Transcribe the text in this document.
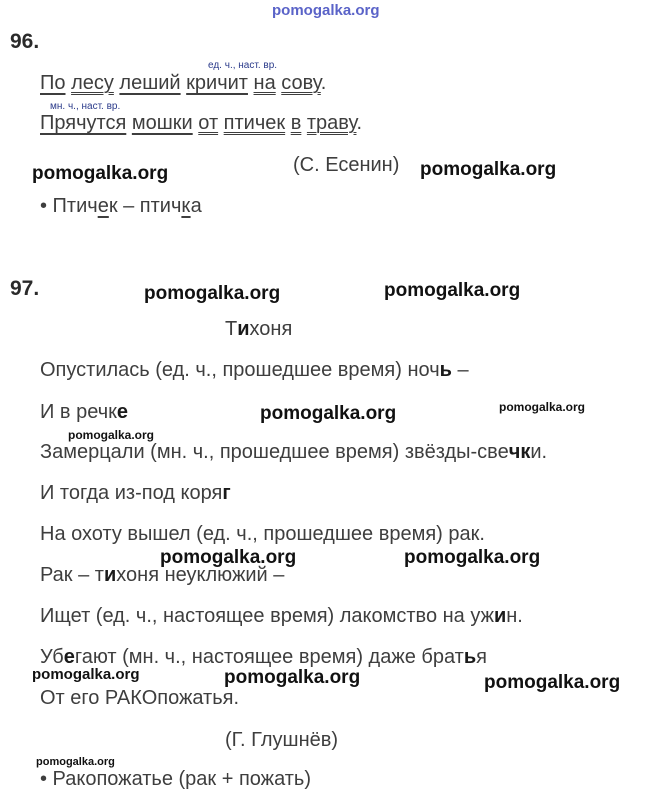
pomogalka.org
96.
ед. ч., наст. вр.
мн. ч., наст. вр.
По лесу леший кричит на сову.
Прячутся мошки от птичек в траву.
(С. Есенин)
pomogalka.org	pomogalka.org
• Птичек – птичка
97.	pomogalka.org	pomogalka.org
Тихоня
Опустилась (ед. ч., прошедшее время) ночь –
И в речке	pomogalka.org	pomogalka.org
pomogalka.org
Замерцали (мн. ч., прошедшее время) звёзды-свечки.
И тогда из-под коряг
На охоту вышел (ед. ч., прошедшее время) рак.
pomogalka.org	pomogalka.org
Рак – тихоня неуклюжий –
Ищет (ед. ч., настоящее время) лакомство на ужин.
Убегают (мн. ч., настоящее время) даже братья
pomogalka.org	pomogalka.org	pomogalka.org
От его РАКОпожатья.
(Г. Глушнёв)
pomogalka.org
• Ракопожатье (рак + пожать)
